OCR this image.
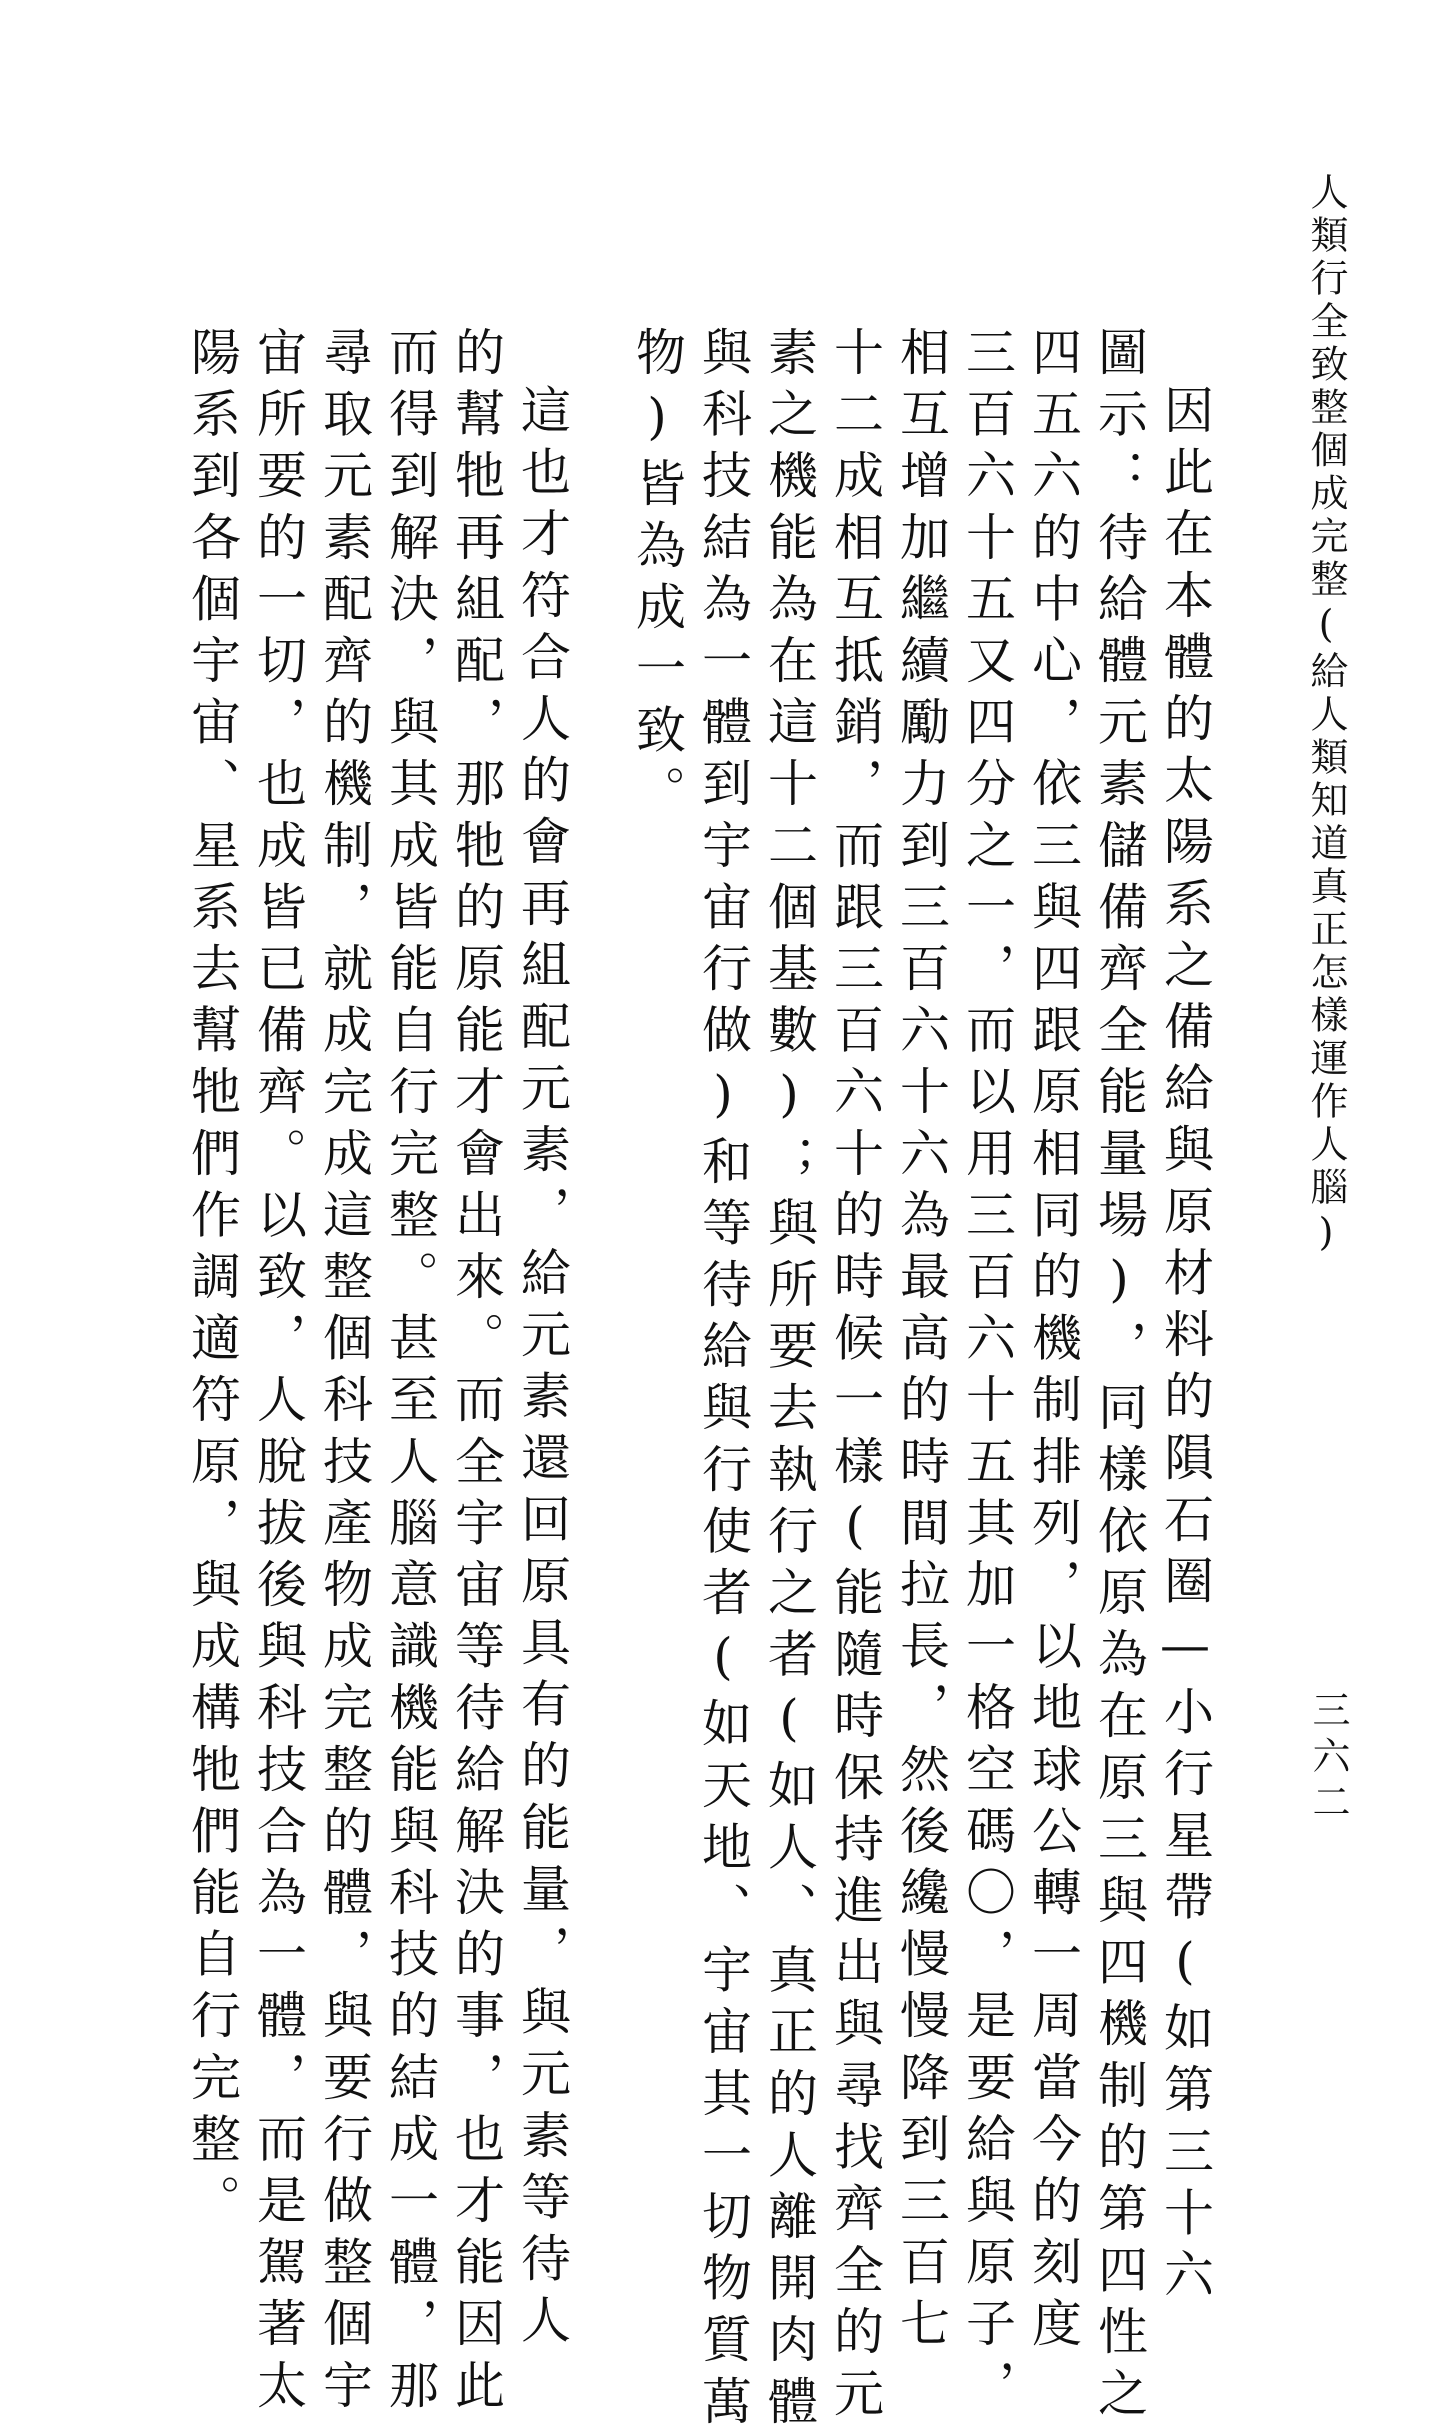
人類行全致整個成完整(給人類知道真正怎樣運作人腦)
三六二
因此在本體的太陽系之備給與原材料的隕石圈—小行星帶(如第三十六
圖示：待給體元素儲備齊全能量場)，同樣依原為在原三與四機制的第四性之
四五六的中心，依三與四跟原相同的機制排列，以地球公轉一周當今的刻度
三百六十五又四分之一，而以用三百六十五其加一格空碼〇，是要給與原子，
相互增加繼續勵力到三百六十六為最高的時間拉長，然後纔慢慢降到三百七
十二成相互抵銷，而跟三百六十的時候一樣(能隨時保持進出與尋找齊全的元
素之機能為在這十二個基數)；與所要去執行之者(如人、真正的人離開肉體
與科技結為一體到宇宙行做)和等待給與行使者(如天地、宇宙其一切物質萬
物)皆為成一致。
這也才符合人的會再組配元素，給元素還回原具有的能量，與元素等待人
的幫牠再組配，那牠的原能才會出來。而全宇宙等待給解決的事，也才能因此
而得到解決，與其成皆能自行完整。甚至人腦意識機能與科技的結成一體，那
尋取元素配齊的機制，就成完成這整個科技產物成完整的體，與要行做整個宇
宙所要的一切，也成皆已備齊。以致，人脫拔後與科技合為一體，而是駕著太
陽系到各個宇宙、星系去幫牠們作調適符原，與成構牠們能自行完整。
